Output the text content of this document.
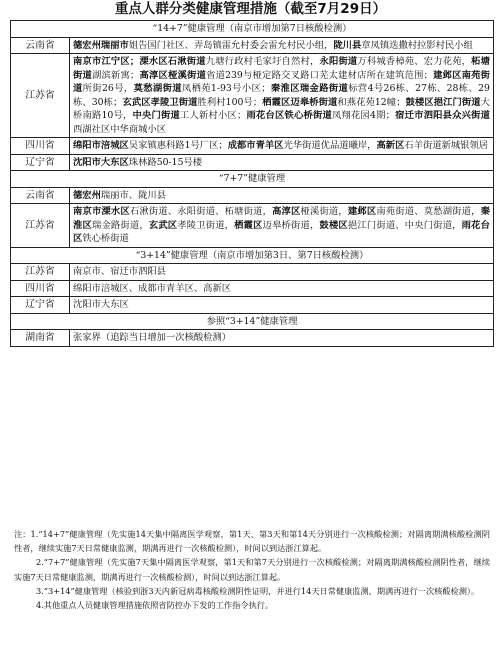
重点人群分类健康管理措施（截至7月29日）
“14+7”健康管理（南京市增加第7日核酸检测）	
云南省	德宏州瑞丽市姐告国门社区、弄岛镇雷允村委会雷允村民小组，陇川县章凤镇迭撒村拉影村民小组
江苏省	南京市江宁区；溧水区石湫街道九塘行政村毛家圩自然村，永阳街道万科城香樟苑、宏力花苑，柘塘街道湖滨新寓；高淳区桠溪街道省道239与桠定路交叉路口芜太建材店所在建筑范围；建邺区南苑街道所街26号，莫愁湖街道凤栖苑1-93号小区；秦淮区瑞金路街道标营4号26栋、27栋、28栋、29栋、30栋；玄武区孝陵卫街道胜利村100号；栖霞区迈皋桥街道和燕花苑12幢；鼓楼区挹江门街道大桥南路10号，中央门街道工人新村小区；雨花台区铁心桥街道凤翔花园4期；宿迁市泗阳县众兴街道西湖社区中华商城小区
四川省	绵阳市涪城区吴家镇惠科路1号厂区；成都市青羊区光华街道优品道曦岸，高新区石羊街道新城银领居
辽宁省	沈阳市大东区珠林路50-15号楼
“7+7”健康管理	
云南省	德宏州瑞丽市、陇川县
江苏省	南京市溧水区石湫街道、永阳街道、柘塘街道，高淳区桠溪街道，建邺区南苑街道、莫愁湖街道，秦淮区瑞金路街道，玄武区孝陵卫街道，栖霞区迈皋桥街道，鼓楼区挹江门街道、中央门街道，雨花台区铁心桥街道
“3+14”健康管理（南京市增加第3日、第7日核酸检测）	
江苏省	南京市、宿迁市泗阳县
四川省	绵阳市涪城区、成都市青羊区、高新区
辽宁省	沈阳市大东区
参照“3+14”健康管理	
湖南省	张家界（追踪当日增加一次核酸检测）

注：1.“14+7”健康管理（先实施14天集中隔离医学观察，第1天、第3天和第14天分别进行一次核酸检测；对隔离期满核酸检测阴性者，继续实施7天日常健康监测，期满再进行一次核酸检测），时间以到达浙江算起。

2.“7+7”健康管理（先实施7天集中隔离医学观察，第1天和第7天分别进行一次核酸检测；对隔离期满核酸检测阴性者，继续实施7天日常健康监测，期满再进行一次核酸检测），时间以到达浙江算起。

3.“3+14”健康管理（核验到浙3天内新冠病毒核酸检测阴性证明，并进行14天日常健康监测，期满再进行一次核酸检测）。

4.其他重点人员健康管理措施依照省防控办下发的工作指令执行。
